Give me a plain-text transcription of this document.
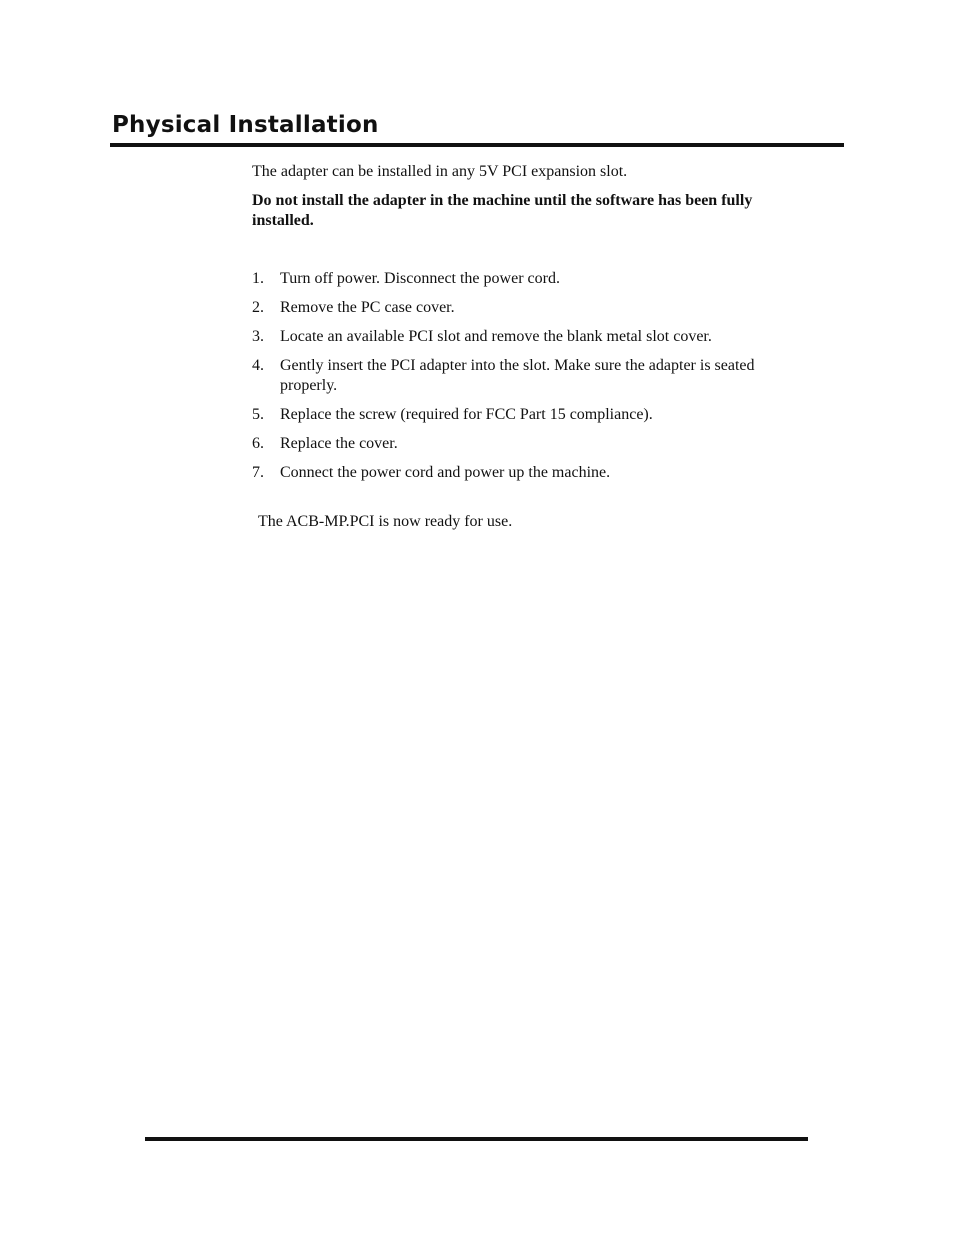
Physical Installation

The adapter can be installed in any 5V PCI expansion slot.

Do not install the adapter in the machine until the software has been fully installed.

1. Turn off power. Disconnect the power cord.
2. Remove the PC case cover.
3. Locate an available PCI slot and remove the blank metal slot cover.
4. Gently insert the PCI adapter into the slot. Make sure the adapter is seated properly.
5. Replace the screw (required for FCC Part 15 compliance).
6. Replace the cover.
7. Connect the power cord and power up the machine.

The ACB-MP.PCI is now ready for use.
